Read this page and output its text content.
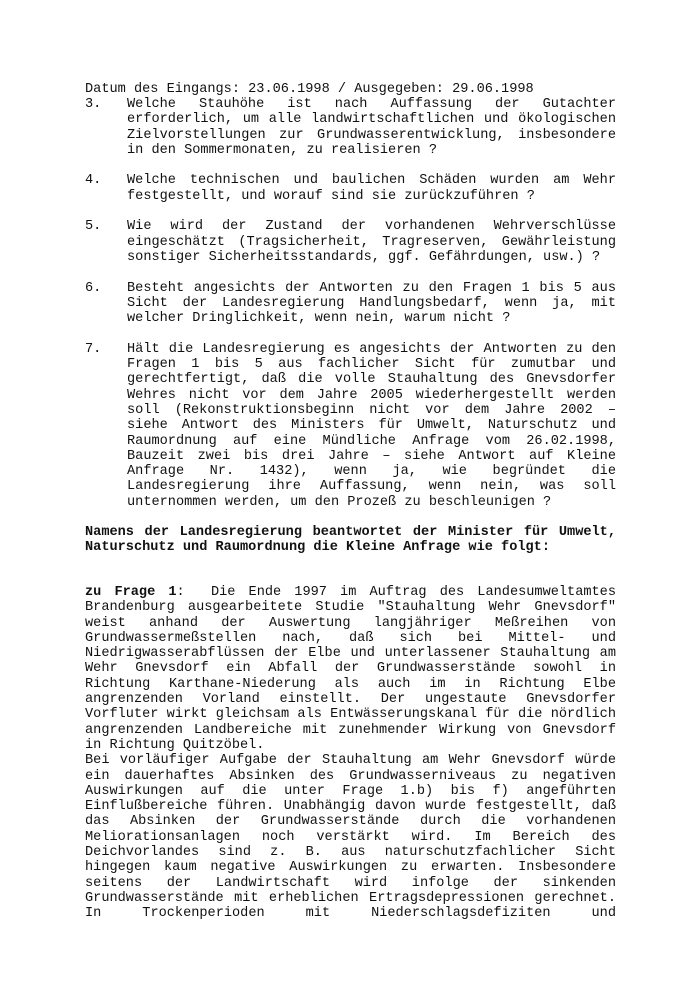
Datum des Eingangs: 23.06.1998 / Ausgegeben: 29.06.1998
3.	Welche Stauhöhe ist nach Auffassung der Gutachter erforderlich, um alle landwirtschaftlichen und ökologischen Zielvorstellungen zur Grundwasserentwicklung, insbesondere in den Sommermonaten, zu realisieren ?
4.	Welche technischen und baulichen Schäden wurden am Wehr festgestellt, und worauf sind sie zurückzuführen ?
5.	Wie wird der Zustand der vorhandenen Wehrverschlüsse eingeschätzt (Tragsicherheit, Tragreserven, Gewährleistung sonstiger Sicherheitsstandards, ggf. Gefährdungen, usw.) ?
6.	Besteht angesichts der Antworten zu den Fragen 1 bis 5 aus Sicht der Landesregierung Handlungsbedarf, wenn ja, mit welcher Dringlichkeit, wenn nein, warum nicht ?
7.	Hält die Landesregierung es angesichts der Antworten zu den Fragen 1 bis 5 aus fachlicher Sicht für zumutbar und gerechtfertigt, daß die volle Stauhaltung des Gnevsdorfer Wehres nicht vor dem Jahre 2005 wiederhergestellt werden soll (Rekonstruktionsbeginn nicht vor dem Jahre 2002 – siehe Antwort des Ministers für Umwelt, Naturschutz und Raumordnung auf eine Mündliche Anfrage vom 26.02.1998, Bauzeit zwei bis drei Jahre – siehe Antwort auf Kleine Anfrage Nr. 1432), wenn ja, wie begründet die Landesregierung ihre Auffassung, wenn nein, was soll unternommen werden, um den Prozeß zu beschleunigen ?
Namens der Landesregierung beantwortet der Minister für Umwelt, Naturschutz und Raumordnung die Kleine Anfrage wie folgt:

zu Frage 1: Die Ende 1997 im Auftrag des Landesumweltamtes Brandenburg ausgearbeitete Studie "Stauhaltung Wehr Gnevsdorf" weist anhand der Auswertung langjähriger Meßreihen von Grundwassermeßstellen nach, daß sich bei Mittel- und Niedrigwasserabflüssen der Elbe und unterlassener Stauhaltung am Wehr Gnevsdorf ein Abfall der Grundwasserstände sowohl in Richtung Karthane-Niederung als auch im in Richtung Elbe angrenzenden Vorland einstellt. Der ungestaute Gnevsdorfer Vorfluter wirkt gleichsam als Entwässerungskanal für die nördlich angrenzenden Landbereiche mit zunehmender Wirkung von Gnevsdorf in Richtung Quitzöbel.

Bei vorläufiger Aufgabe der Stauhaltung am Wehr Gnevsdorf würde ein dauerhaftes Absinken des Grundwasserniveaus zu negativen Auswirkungen auf die unter Frage 1.b) bis f) angeführten Einflußbereiche führen. Unabhängig davon wurde festgestellt, daß das Absinken der Grundwasserstände durch die vorhandenen Meliorationsanlagen noch verstärkt wird. Im Bereich des Deichvorlandes sind z. B. aus naturschutzfachlicher Sicht hingegen kaum negative Auswirkungen zu erwarten. Insbesondere seitens der Landwirtschaft wird infolge der sinkenden Grundwasserstände mit erheblichen Ertragsdepressionen gerechnet. In Trockenperioden mit Niederschlagsdefiziten und
